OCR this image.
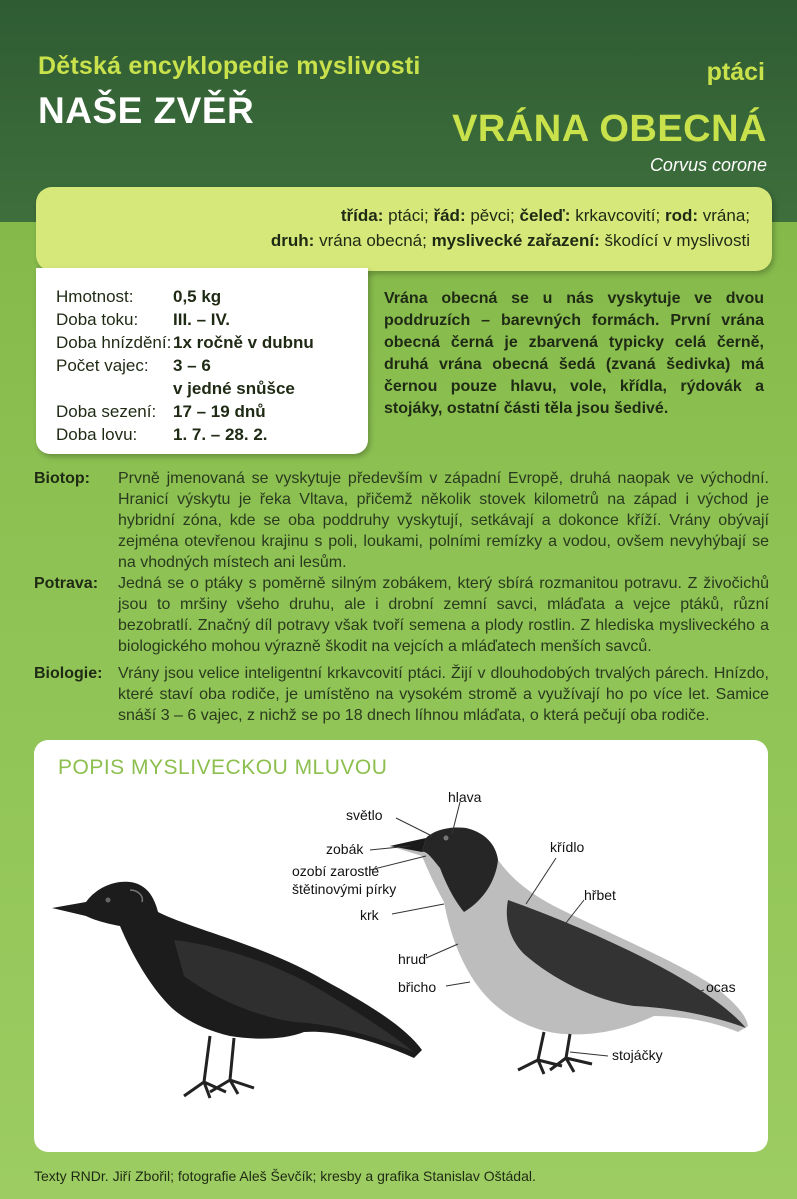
Dětská encyklopedie myslivosti
NAŠE ZVĚŘ
ptáci
VRÁNA OBECNÁ
Corvus corone
třída: ptáci; řád: pěvci; čeleď: krkavcovití; rod: vrána;
druh: vrána obecná; myslivecké zařazení: škodící v myslivosti
Hmotnost:	0,5 kg
Doba toku:	III. – IV.
Doba hnízdění: 1x ročně v dubnu
Počet vajec:	3 – 6
v jedné snůšce
Doba sezení: 17 – 19 dnů
Doba lovu:	1. 7. – 28. 2.
Vrána obecná se u nás vyskytuje ve dvou poddruzích – barevných formách. První vrána obecná černá je zbarvená typicky celá černě, druhá vrána obecná šedá (zvaná šedivka) má černou pouze hlavu, vole, křídla, rýdovák a stojáky, ostatní části těla jsou šedivé.
Biotop: Prvně jmenovaná se vyskytuje především v západní Evropě, druhá naopak ve východní. Hranicí výskytu je řeka Vltava, přičemž několik stovek kilometrů na západ i východ je hybridní zóna, kde se oba poddruhy vyskytují, setkávají a dokonce kříží. Vrány obývají zejména otevřenou krajinu s poli, loukami, polními remízky a vodou, ovšem nevyhýbají se na vhodných místech ani lesům.
Potrava: Jedná se o ptáky s poměrně silným zobákem, který sbírá rozmanitou potravu. Z živočichů jsou to mršiny všeho druhu, ale i drobní zemní savci, mláďata a vejce ptáků, různí bezobratlí. Značný díl potravy však tvoří semena a plody rostlin. Z hlediska mysliveckého a biologického mohou výrazně škodit na vejcích a mláďatech menších savců.
Biologie: Vrány jsou velice inteligentní krkavcovití ptáci. Žijí v dlouhodobých trvalých párech. Hnízdo, které staví oba rodiče, je umístěno na vysokém stromě a využívají ho po více let. Samice snáší 3 – 6 vajec, z nichž se po 18 dnech líhnou mláďata, o která pečují oba rodiče.
POPIS MYSLIVECKOU MLUVOU
hlava
světlo
zobák
ozobí zarostlé
štětinovými pírky
krk
hruď
břicho
křídlo
hřbet
ocas
stojáčky
Texty RNDr. Jiří Zbořil; fotografie Aleš Ševčík; kresby a grafika Stanislav Oštádal.
